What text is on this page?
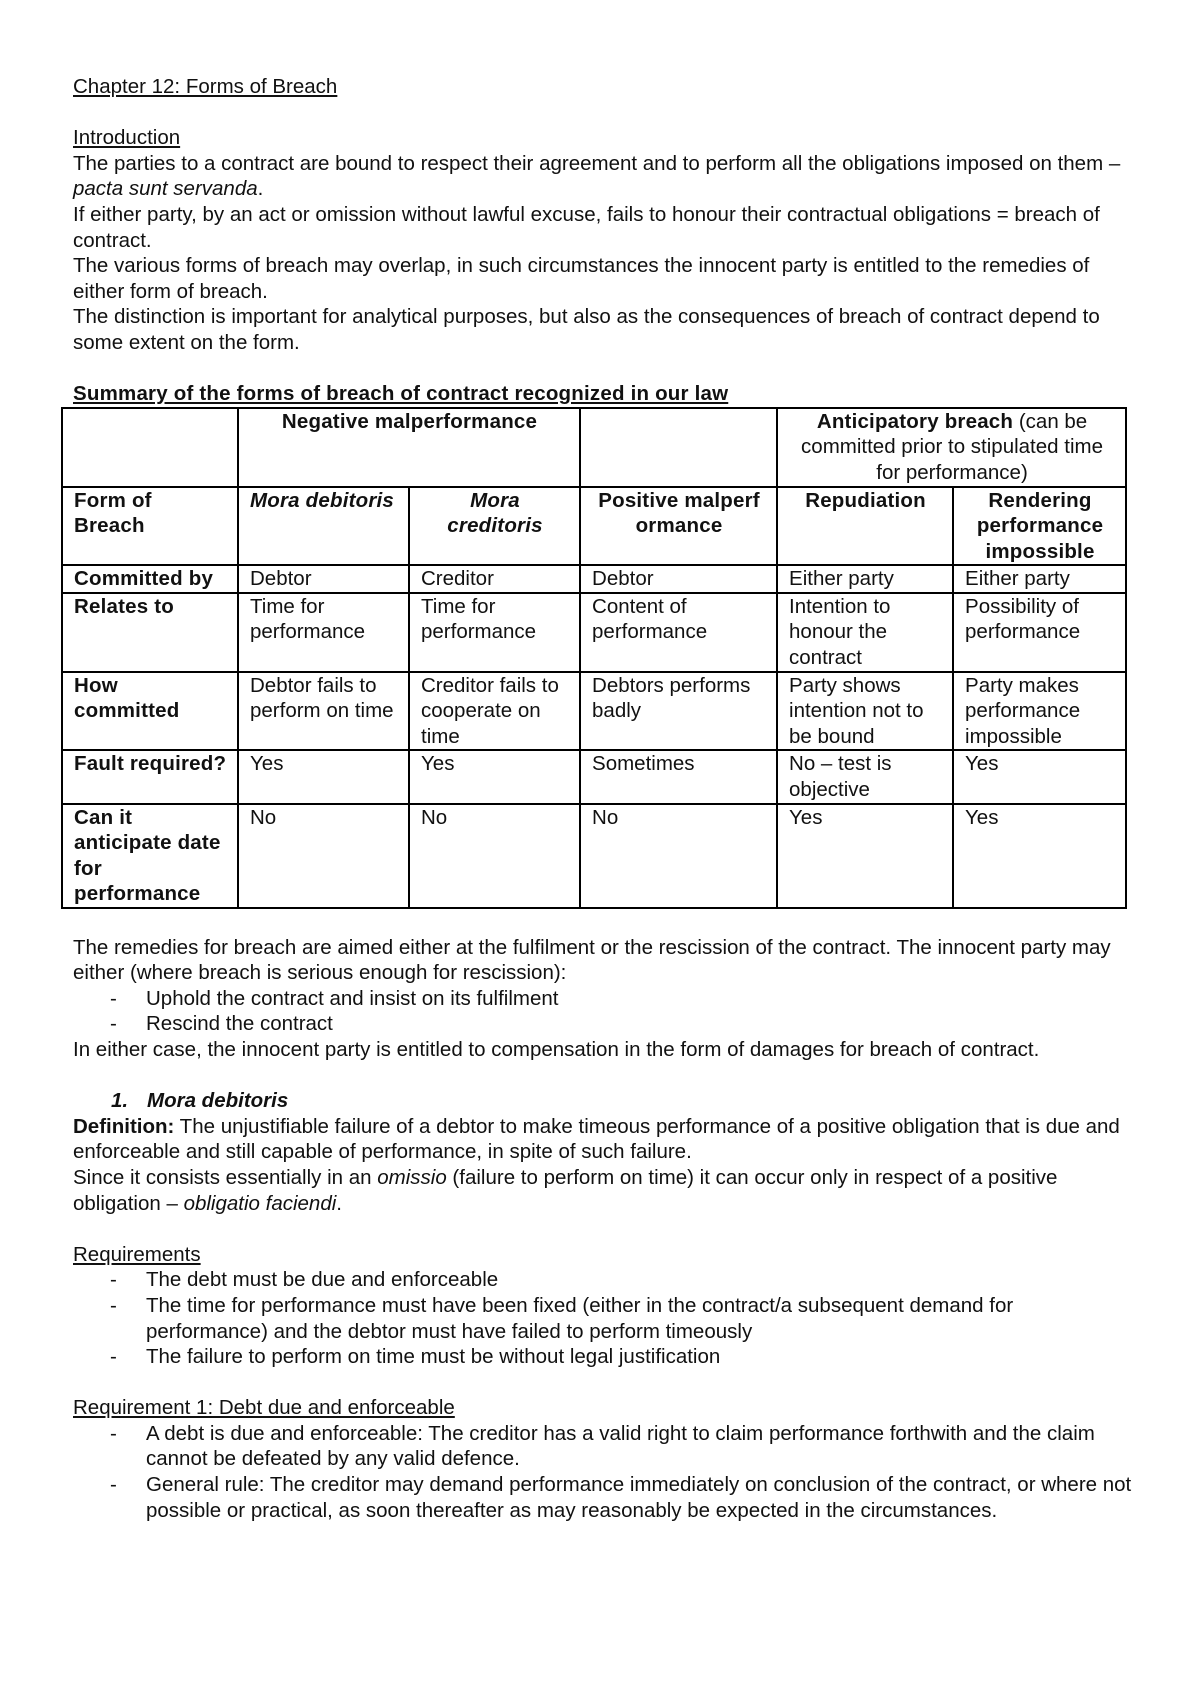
Chapter 12: Forms of Breach

Introduction

The parties to a contract are bound to respect their agreement and to perform all the obligations imposed on them – pacta sunt servanda.

If either party, by an act or omission without lawful excuse, fails to honour their contractual obligations = breach of contract.

The various forms of breach may overlap, in such circumstances the innocent party is entitled to the remedies of either form of breach.

The distinction is important for analytical purposes, but also as the consequences of breach of contract depend to some extent on the form.

Summary of the forms of breach of contract recognized in our law

	Negative malperformance			Anticipatory breach (can be committed prior to stipulated time for performance)	
Form of Breach	Mora debitoris	Mora creditoris	Positive malperformance	Repudiation	Rendering performance impossible
Committed by	Debtor	Creditor	Debtor	Either party	Either party
Relates to	Time for performance	Time for performance	Content of performance	Intention to honour the contract	Possibility of performance
How committed	Debtor fails to perform on time	Creditor fails to cooperate on time	Debtors performs badly	Party shows intention not to be bound	Party makes performance impossible
Fault required?	Yes	Yes	Sometimes	No – test is objective	Yes
Can it anticipate date for performance	No	No	No	Yes	Yes

The remedies for breach are aimed either at the fulfilment or the rescission of the contract. The innocent party may either (where breach is serious enough for rescission):

- Uphold the contract and insist on its fulfilment
- Rescind the contract

In either case, the innocent party is entitled to compensation in the form of damages for breach of contract.

1. Mora debitoris

Definition: The unjustifiable failure of a debtor to make timeous performance of a positive obligation that is due and enforceable and still capable of performance, in spite of such failure.

Since it consists essentially in an omissio (failure to perform on time) it can occur only in respect of a positive obligation – obligatio faciendi.

Requirements

- The debt must be due and enforceable
- The time for performance must have been fixed (either in the contract/a subsequent demand for performance) and the debtor must have failed to perform timeously
- The failure to perform on time must be without legal justification

Requirement 1: Debt due and enforceable

- A debt is due and enforceable: The creditor has a valid right to claim performance forthwith and the claim cannot be defeated by any valid defence.
- General rule: The creditor may demand performance immediately on conclusion of the contract, or where not possible or practical, as soon thereafter as may reasonably be expected in the circumstances.
